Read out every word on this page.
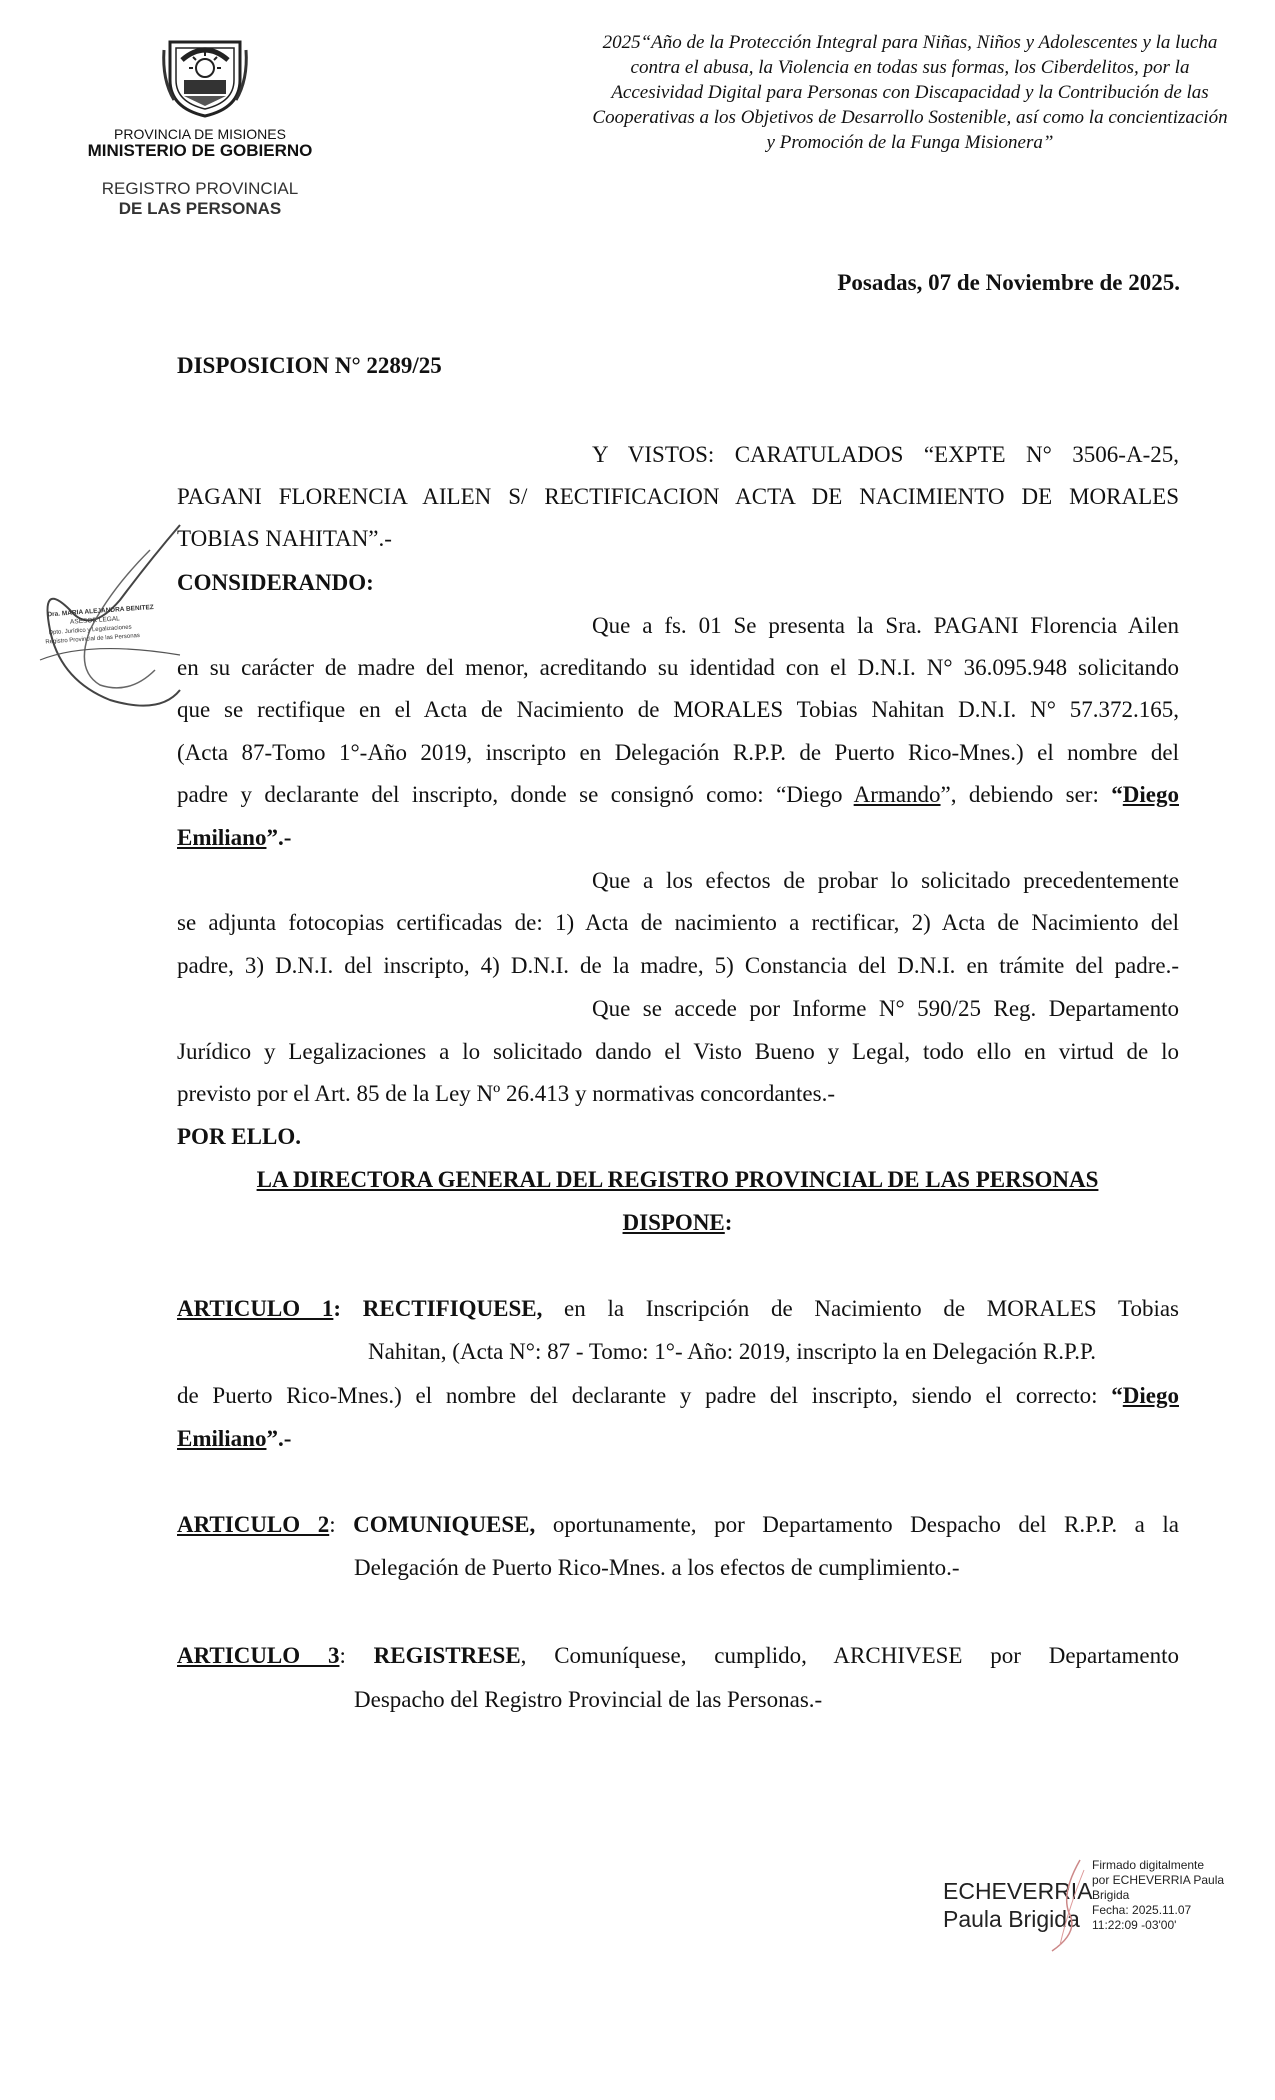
PROVINCIA DE MISIONES
MINISTERIO DE GOBIERNO
REGISTRO PROVINCIAL
DE LAS PERSONAS
2025“Año de la Protección Integral para Niñas, Niños y Adolescentes y la lucha contra el abusa, la Violencia en todas sus formas, los Ciberdelitos, por la Accesividad Digital para Personas con Discapacidad y la Contribución de las Cooperativas a los Objetivos de Desarrollo Sostenible, así como la concientización y Promoción de la Funga Misionera”
Posadas, 07 de Noviembre de 2025.
DISPOSICION N° 2289/25
Y VISTOS: CARATULADOS “EXPTE N° 3506-A-25,
PAGANI FLORENCIA AILEN S/ RECTIFICACION ACTA DE NACIMIENTO DE MORALES
TOBIAS NAHITAN”.-
CONSIDERANDO:
Que a fs. 01 Se presenta la Sra. PAGANI Florencia Ailen
en su carácter de madre del menor, acreditando su identidad con el D.N.I. N° 36.095.948 solicitando
que se rectifique en el Acta de Nacimiento de MORALES Tobias Nahitan D.N.I. N° 57.372.165,
(Acta 87-Tomo 1°-Año 2019, inscripto en Delegación R.P.P. de Puerto Rico-Mnes.) el nombre del
padre y declarante del inscripto, donde se consignó como: “Diego Armando”, debiendo ser: “Diego
Emiliano”.-
Que a los efectos de probar lo solicitado precedentemente
se adjunta fotocopias certificadas de: 1) Acta de nacimiento a rectificar, 2) Acta de Nacimiento del
padre, 3) D.N.I. del inscripto, 4) D.N.I. de la madre, 5) Constancia del D.N.I. en trámite del padre.-
Que se accede por Informe N° 590/25 Reg. Departamento
Jurídico y Legalizaciones a lo solicitado dando el Visto Bueno y Legal, todo ello en virtud de lo
previsto por el Art. 85 de la Ley Nº 26.413 y normativas concordantes.-
POR ELLO.
LA DIRECTORA GENERAL DEL REGISTRO PROVINCIAL DE LAS PERSONAS
DISPONE:
ARTICULO 1: RECTIFIQUESE, en la Inscripción de Nacimiento de MORALES Tobias
Nahitan, (Acta N°: 87 - Tomo: 1°- Año: 2019, inscripto la en Delegación R.P.P.
de Puerto Rico-Mnes.) el nombre del declarante y padre del inscripto, siendo el correcto: “Diego
Emiliano”.-
ARTICULO 2: COMUNIQUESE, oportunamente, por Departamento Despacho del R.P.P. a la
Delegación de Puerto Rico-Mnes. a los efectos de cumplimiento.-
ARTICULO 3: REGISTRESE, Comuníquese, cumplido, ARCHIVESE por Departamento
Despacho del Registro Provincial de las Personas.-
Dra. MARIA ALEJANDRA BENITEZ
ASESOR LEGAL
Dpto. Jurídico y Legalizaciones
Registro Provincial de las Personas
ECHEVERRIA
Paula Brigida
Firmado digitalmente
por ECHEVERRIA Paula
Brigida
Fecha: 2025.11.07
11:22:09 -03'00'
